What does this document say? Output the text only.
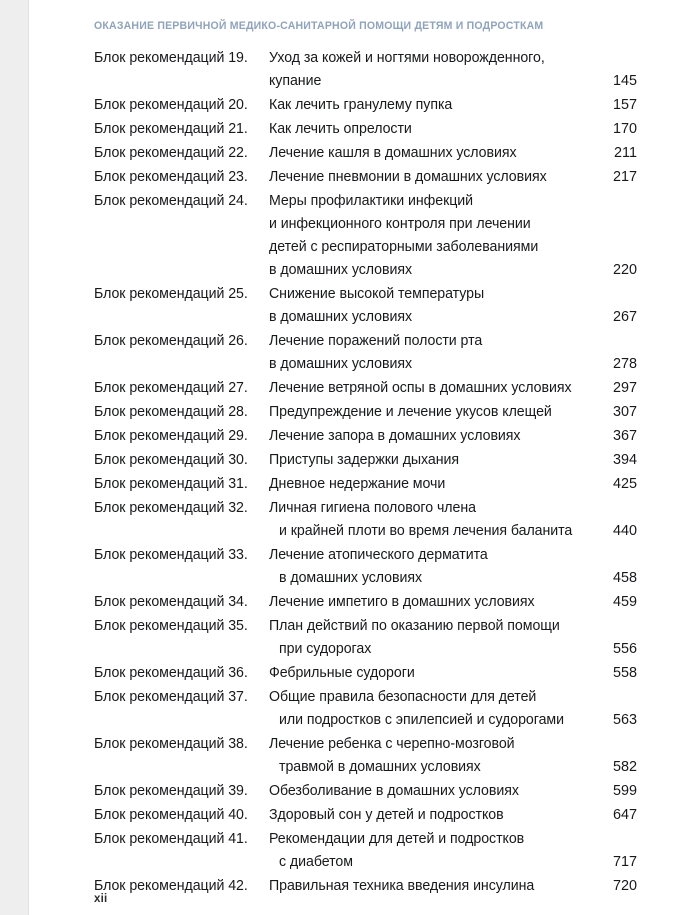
ОКАЗАНИЕ ПЕРВИЧНОЙ МЕДИКО-САНИТАРНОЙ ПОМОЩИ ДЕТЯМ И ПОДРОСТКАМ
Блок рекомендаций 19.	Уход за кожей и ногтями новорожденного,
купание	145
Блок рекомендаций 20.	Как лечить гранулему пупка	157
Блок рекомендаций 21.	Как лечить опрелости	170
Блок рекомендаций 22.	Лечение кашля в домашних условиях	211
Блок рекомендаций 23.	Лечение пневмонии в домашних условиях	217
Блок рекомендаций 24.	Меры профилактики инфекций
и инфекционного контроля при лечении
детей с респираторными заболеваниями
в домашних условиях	220
Блок рекомендаций 25.	Снижение высокой температуры
в домашних условиях	267
Блок рекомендаций 26.	Лечение поражений полости рта
в домашних условиях	278
Блок рекомендаций 27.	Лечение ветряной оспы в домашних условиях	297
Блок рекомендаций 28.	Предупреждение и лечение укусов клещей	307
Блок рекомендаций 29.	Лечение запора в домашних условиях	367
Блок рекомендаций 30.	Приступы задержки дыхания	394
Блок рекомендаций 31.	Дневное недержание мочи	425
Блок рекомендаций 32.	Личная гигиена полового члена
и крайней плоти во время лечения баланита	440
Блок рекомендаций 33.	Лечение атопического дерматита
в домашних условиях	458
Блок рекомендаций 34.	Лечение импетиго в домашних условиях	459
Блок рекомендаций 35.	План действий по оказанию первой помощи
при судорогах	556
Блок рекомендаций 36.	Фебрильные судороги	558
Блок рекомендаций 37.	Общие правила безопасности для детей
или подростков с эпилепсией и судорогами	563
Блок рекомендаций 38.	Лечение ребенка с черепно-мозговой
травмой в домашних условиях	582
Блок рекомендаций 39.	Обезболивание в домашних условиях	599
Блок рекомендаций 40.	Здоровый сон у детей и подростков	647
Блок рекомендаций 41.	Рекомендации для детей и подростков
с диабетом	717
Блок рекомендаций 42.	Правильная техника введения инсулина	720
xii
